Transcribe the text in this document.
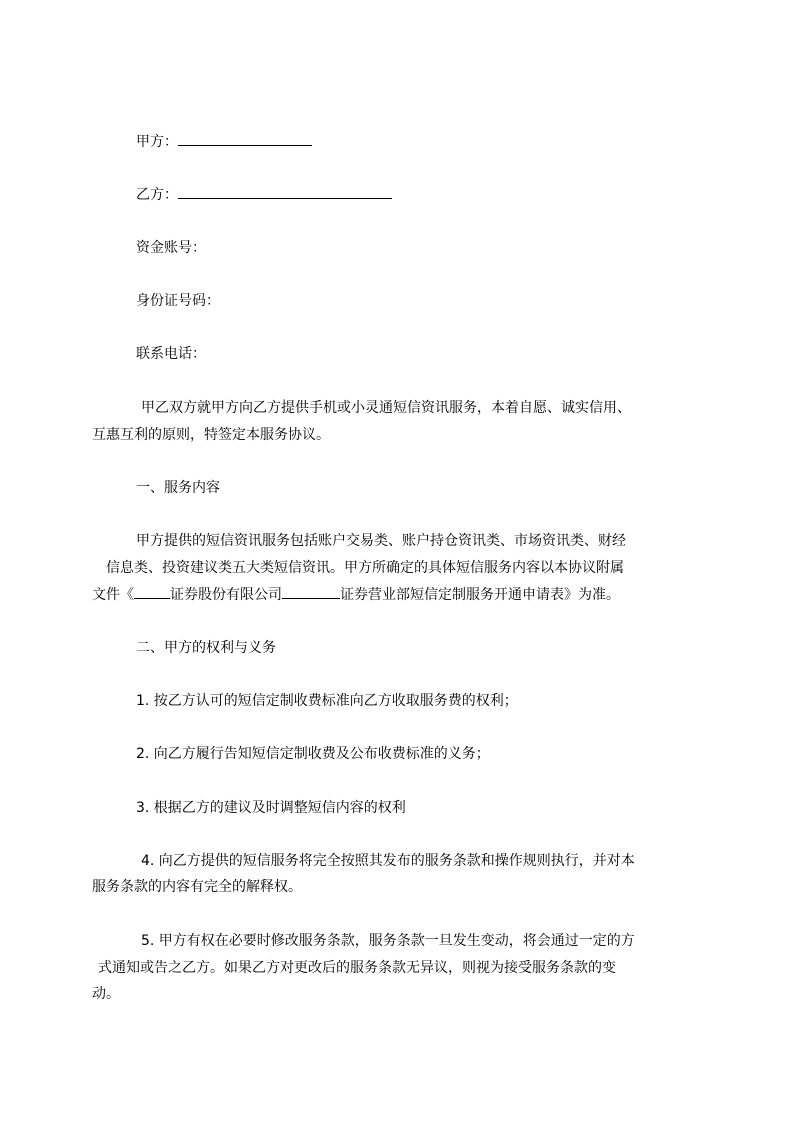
甲方：
乙方：
资金账号：
身份证号码：
联系电话：
甲乙双方就甲方向乙方提供手机或小灵通短信资讯服务，本着自愿、诚实信用、
互惠互利的原则，特签定本服务协议。
一、服务内容
甲方提供的短信资讯服务包括账户交易类、账户持仓资讯类、市场资讯类、财经
信息类、投资建议类五大类短信资讯。甲方所确定的具体短信服务内容以本协议附属
文件《	证券股份有限公司	证券营业部短信定制服务开通申请表》为准。
二、甲方的权利与义务
1. 按乙方认可的短信定制收费标准向乙方收取服务费的权利；
2. 向乙方履行告知短信定制收费及公布收费标准的义务；
3. 根据乙方的建议及时调整短信内容的权利
4. 向乙方提供的短信服务将完全按照其发布的服务条款和操作规则执行，并对本
服务条款的内容有完全的解释权。
5. 甲方有权在必要时修改服务条款，服务条款一旦发生变动，将会通过一定的方
式通知或告之乙方。如果乙方对更改后的服务条款无异议，则视为接受服务条款的变
动。
